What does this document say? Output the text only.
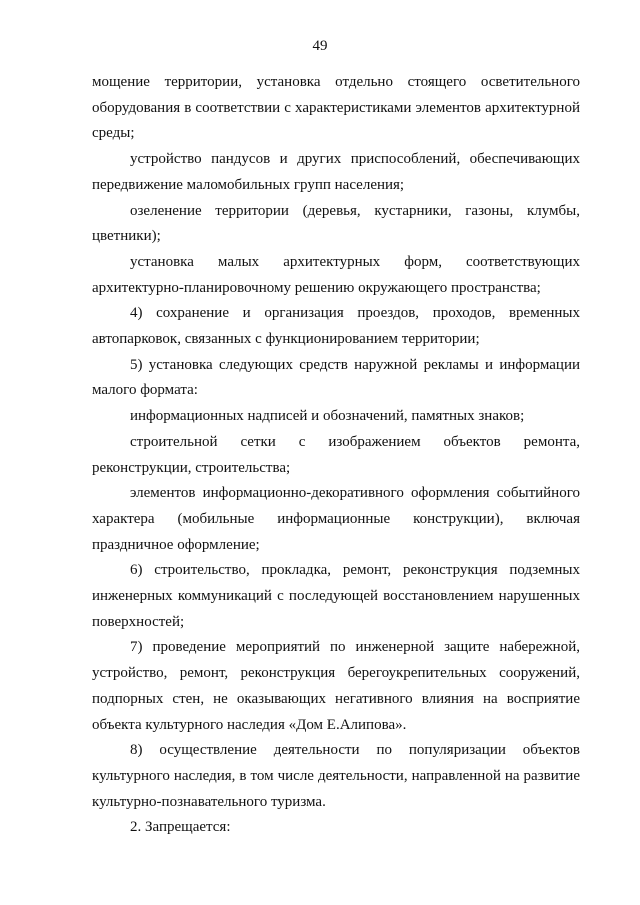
49

мощение территории, установка отдельно стоящего осветительного оборудования в соответствии с характеристиками элементов архитектурной среды;

устройство пандусов и других приспособлений, обеспечивающих передвижение маломобильных групп населения;

озеленение территории (деревья, кустарники, газоны, клумбы, цветники);

установка малых архитектурных форм, соответствующих архитектурно-планировочному решению окружающего пространства;

4) сохранение и организация проездов, проходов, временных автопарковок, связанных с функционированием территории;

5) установка следующих средств наружной рекламы и информации малого формата:

информационных надписей и обозначений, памятных знаков;

строительной сетки с изображением объектов ремонта, реконструкции, строительства;

элементов информационно-декоративного оформления событийного характера (мобильные информационные конструкции), включая праздничное оформление;

6) строительство, прокладка, ремонт, реконструкция подземных инженерных коммуникаций с последующей восстановлением нарушенных поверхностей;

7) проведение мероприятий по инженерной защите набережной, устройство, ремонт, реконструкция берегоукрепительных сооружений, подпорных стен, не оказывающих негативного влияния на восприятие объекта культурного наследия «Дом Е.Алипова».

8) осуществление деятельности по популяризации объектов культурного наследия, в том числе деятельности, направленной на развитие культурно-познавательного туризма.

2. Запрещается:
